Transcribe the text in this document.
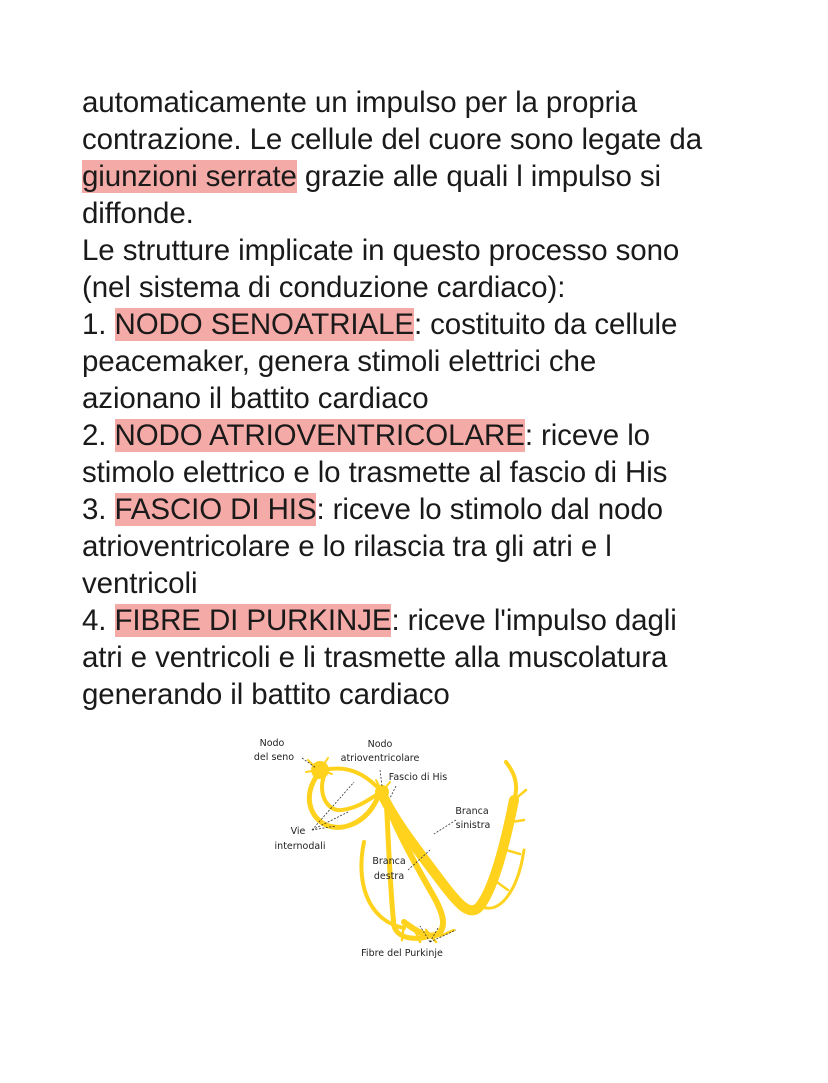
automaticamente un impulso per la propria
contrazione. Le cellule del cuore sono legate da
giunzioni serrate grazie alle quali l impulso si
diffonde.
Le strutture implicate in questo processo sono
(nel sistema di conduzione cardiaco):
1. NODO SENOATRIALE: costituito da cellule
peacemaker, genera stimoli elettrici che
azionano il battito cardiaco
2. NODO ATRIOVENTRICOLARE: riceve lo
stimolo elettrico e lo trasmette al fascio di His
3. FASCIO DI HIS: riceve lo stimolo dal nodo
atrioventricolare e lo rilascia tra gli atri e l
ventricoli
4. FIBRE DI PURKINJE: riceve l'impulso dagli
atri e ventricoli e li trasmette alla muscolatura
generando il battito cardiaco
Nodo
del seno
Nodo
atrioventricolare
Fascio di His
Branca
sinistra
Vie
internodali
Branca
destra
Fibre del Purkinje
